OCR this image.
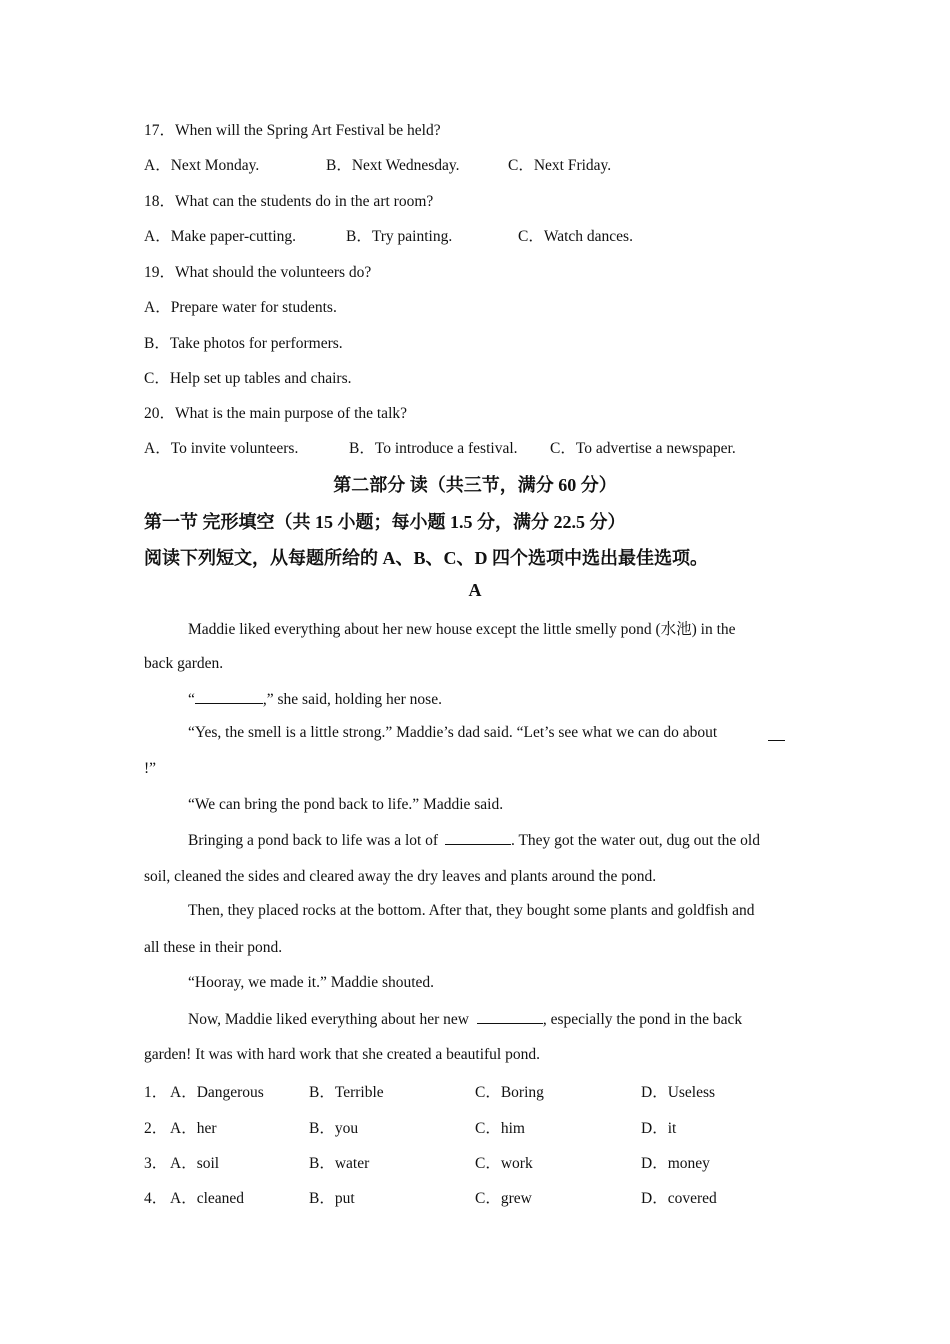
17．When will the Spring Art Festival be held?
A．Next Monday.	B．Next Wednesday.	C．Next Friday.
18．What can the students do in the art room?
A．Make paper-cutting.	B．Try painting.	C．Watch dances.
19．What should the volunteers do?
A．Prepare water for students.
B．Take photos for performers.
C．Help set up tables and chairs.
20．What is the main purpose of the talk?
A．To invite volunteers.	B．To introduce a festival. C．To advertise a newspaper.
第二部分 读（共三节，满分 60 分）
第一节 完形填空（共 15 小题；每小题 1.5 分，满分 22.5 分）
阅读下列短文，从每题所给的 A、B、C、D 四个选项中选出最佳选项。
A
Maddie liked everything about her new house except the little smelly pond (水池) in the
back garden.
“	,” she said, holding her nose.
“Yes, the smell is a little strong.” Maddie’s dad said. “Let’s see what we can do about
!”
“We can bring the pond back to life.” Maddie said.
Bringing a pond back to life was a lot of	. They got the water out, dug out the old
soil, cleaned the sides and cleared away the dry leaves and plants around the pond.
Then, they placed rocks at the bottom. After that, they bought some plants and goldfish and
all these in their pond.
“Hooray, we made it.” Maddie shouted.
Now, Maddie liked everything about her new	, especially the pond in the back
garden! It was with hard work that she created a beautiful pond.
1． A．Dangerous	B．Terrible	C．Boring	D．Useless
2． A．her	B．you	C．him	D．it
3． A．soil	B．water	C．work	D．money
4． A．cleaned	B．put	C．grew	D．covered
